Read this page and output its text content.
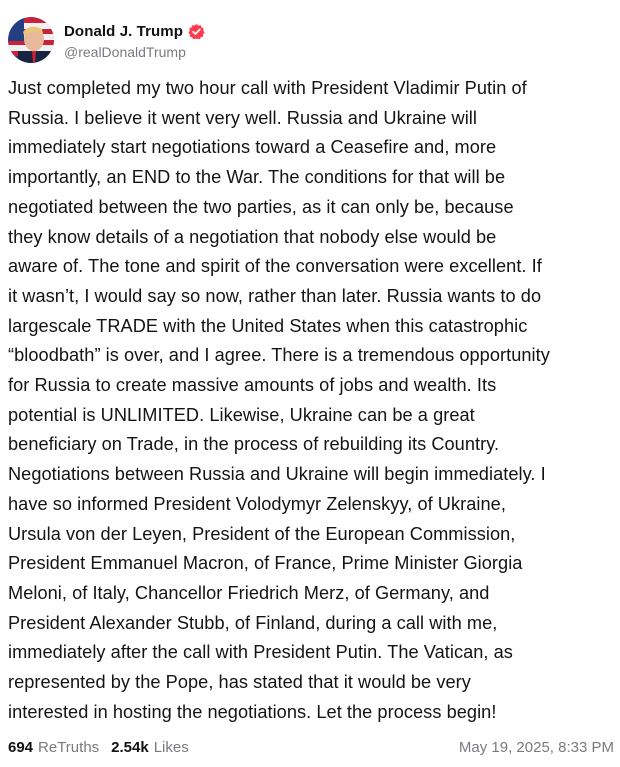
Donald J. Trump
@realDonaldTrump

Just completed my two hour call with President Vladimir Putin of
Russia. I believe it went very well. Russia and Ukraine will
immediately start negotiations toward a Ceasefire and, more
importantly, an END to the War. The conditions for that will be
negotiated between the two parties, as it can only be, because
they know details of a negotiation that nobody else would be
aware of. The tone and spirit of the conversation were excellent. If
it wasn’t, I would say so now, rather than later. Russia wants to do
largescale TRADE with the United States when this catastrophic
“bloodbath” is over, and I agree. There is a tremendous opportunity
for Russia to create massive amounts of jobs and wealth. Its
potential is UNLIMITED. Likewise, Ukraine can be a great
beneficiary on Trade, in the process of rebuilding its Country.
Negotiations between Russia and Ukraine will begin immediately. I
have so informed President Volodymyr Zelenskyy, of Ukraine,
Ursula von der Leyen, President of the European Commission,
President Emmanuel Macron, of France, Prime Minister Giorgia
Meloni, of Italy, Chancellor Friedrich Merz, of Germany, and
President Alexander Stubb, of Finland, during a call with me,
immediately after the call with President Putin. The Vatican, as
represented by the Pope, has stated that it would be very
interested in hosting the negotiations. Let the process begin!

694 ReTruths 2.54k Likes	May 19, 2025, 8:33 PM
